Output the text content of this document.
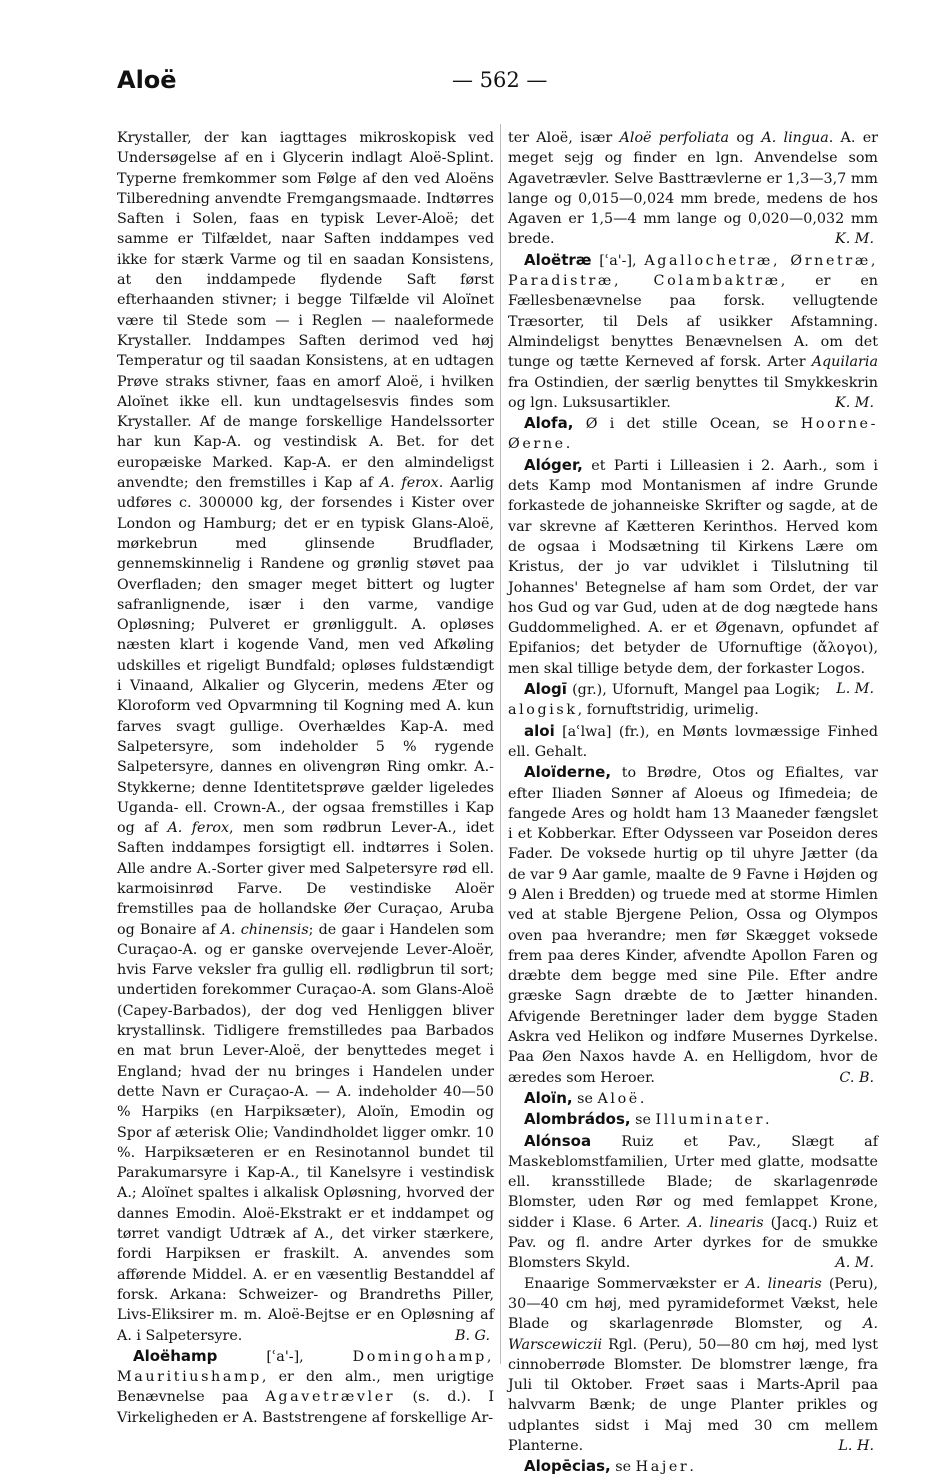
Aloë	— 562 —

Krystaller, der kan iagttages mikroskopisk ved Undersøgelse af en i Glycerin indlagt Aloë-Splint. Typerne fremkommer som Følge af den ved Aloëns Tilberedning anvendte Fremgangsmaade. Indtørres Saften i Solen, faas en typisk Lever-Aloë; det samme er Tilfældet, naar Saften inddampes ved ikke for stærk Varme og til en saadan Konsistens, at den inddampede flydende Saft først efterhaanden stivner; i begge Tilfælde vil Aloïnet være til Stede som — i Reglen — naaleformede Krystaller. Inddampes Saften derimod ved høj Temperatur og til saadan Konsistens, at en udtagen Prøve straks stivner, faas en amorf Aloë, i hvilken Aloïnet ikke ell. kun undtagelsesvis findes som Krystaller. Af de mange forskellige Handelssorter har kun Kap-A. og vestindisk A. Bet. for det europæiske Marked. Kap-A. er den almindeligst anvendte; den fremstilles i Kap af A. ferox. Aarlig udføres c. 300000 kg, der forsendes i Kister over London og Hamburg; det er en typisk Glans-Aloë, mørkebrun med glinsende Brudflader, gennemskinnelig i Randene og grønlig støvet paa Overfladen; den smager meget bittert og lugter safranlignende, især i den varme, vandige Opløsning; Pulveret er grønliggult. A. opløses næsten klart i kogende Vand, men ved Afkøling udskilles et rigeligt Bundfald; opløses fuldstændigt i Vinaand, Alkalier og Glycerin, medens Æter og Kloroform ved Opvarmning til Kogning med A. kun farves svagt gullige. Overhældes Kap-A. med Salpetersyre, som indeholder 5 % rygende Salpetersyre, dannes en olivengrøn Ring omkr. A.-Stykkerne; denne Identitetsprøve gælder ligeledes Uganda- ell. Crown-A., der ogsaa fremstilles i Kap og af A. ferox, men som rødbrun Lever-A., idet Saften inddampes forsigtigt ell. indtørres i Solen. Alle andre A.-Sorter giver med Salpetersyre rød ell. karmoisinrød Farve. De vestindiske Aloër fremstilles paa de hollandske Øer Curaçao, Aruba og Bonaire af A. chinensis; de gaar i Handelen som Curaçao-A. og er ganske overvejende Lever-Aloër, hvis Farve veksler fra gullig ell. rødligbrun til sort; undertiden forekommer Curaçao-A. som Glans-Aloë (Capey-Barbados), der dog ved Henliggen bliver krystallinsk. Tidligere fremstilledes paa Barbados en mat brun Lever-Aloë, der benyttedes meget i England; hvad der nu bringes i Handelen under dette Navn er Curaçao-A. — A. indeholder 40—50 % Harpiks (en Harpiksæter), Aloïn, Emodin og Spor af æterisk Olie; Vandindholdet ligger omkr. 10 %. Harpiksæteren er en Resinotannol bundet til Parakumarsyre i Kap-A., til Kanelsyre i vestindisk A.; Aloïnet spaltes i alkalisk Opløsning, hvorved der dannes Emodin. Aloë-Ekstrakt er et inddampet og tørret vandigt Udtræk af A., det virker stærkere, fordi Harpiksen er fraskilt. A. anvendes som afførende Middel. A. er en væsentlig Bestanddel af forsk. Arkana: Schweizer- og Brandreths Piller, Livs-Eliksirer m. m. Aloë-Bejtse er en Opløsning af A. i Salpetersyre.	B. G.

Aloëhamp [ʿa'-], Domingohamp, Mauritiushamp, er den alm., men urigtige Benævnelse paa Agavetrævler (s. d.). I Virkeligheden er A. Baststrengene af forskellige Ar-

ter Aloë, især Aloë perfoliata og A. lingua. A. er meget sejg og finder en lgn. Anvendelse som Agavetrævler. Selve Basttrævlerne er 1,3—3,7 mm lange og 0,015—0,024 mm brede, medens de hos Agaven er 1,5—4 mm lange og 0,020—0,032 mm brede.	K. M.

Aloëtræ [ʿa'-], Agallochetræ, Ørnetræ, Paradistræ, Colambaktræ, er en Fællesbenævnelse paa forsk. vellugtende Træsorter, til Dels af usikker Afstamning. Almindeligst benyttes Benævnelsen A. om det tunge og tætte Kerneved af forsk. Arter Aquilaria fra Ostindien, der særlig benyttes til Smykkeskrin og lgn. Luksusartikler.	K. M.

Alofa, Ø i det stille Ocean, se Hoorne-Øerne.

Alóger, et Parti i Lilleasien i 2. Aarh., som i dets Kamp mod Montanismen af indre Grunde forkastede de johanneiske Skrifter og sagde, at de var skrevne af Kætteren Kerinthos. Herved kom de ogsaa i Modsætning til Kirkens Lære om Kristus, der jo var udviklet i Tilslutning til Johannes' Betegnelse af ham som Ordet, der var hos Gud og var Gud, uden at de dog nægtede hans Guddommelighed. A. er et Øgenavn, opfundet af Epifanios; det betyder de Ufornuftige (ἄλογοι), men skal tillige betyde dem, der forkaster Logos.
L. M.

Alogī (gr.), Ufornuft, Mangel paa Logik; alogisk, fornuftstridig, urimelig.

aloi [aʿlwa] (fr.), en Mønts lovmæssige Finhed ell. Gehalt.

Aloïderne, to Brødre, Otos og Efialtes, var efter Iliaden Sønner af Aloeus og Ifimedeia; de fangede Ares og holdt ham 13 Maaneder fængslet i et Kobberkar. Efter Odysseen var Poseidon deres Fader. De voksede hurtig op til uhyre Jætter (da de var 9 Aar gamle, maalte de 9 Favne i Højden og 9 Alen i Bredden) og truede med at storme Himlen ved at stable Bjergene Pelion, Ossa og Olympos oven paa hverandre; men før Skægget voksede frem paa deres Kinder, afvendte Apollon Faren og dræbte dem begge med sine Pile. Efter andre græske Sagn dræbte de to Jætter hinanden. Afvigende Beretninger lader dem bygge Staden Askra ved Helikon og indføre Musernes Dyrkelse. Paa Øen Naxos havde A. en Helligdom, hvor de æredes som Heroer.	C. B.

Aloïn, se Aloë.

Alombrádos, se Illuminater.

Alónsoa Ruiz et Pav., Slægt af Maskeblomstfamilien, Urter med glatte, modsatte ell. kransstillede Blade; de skarlagenrøde Blomster, uden Rør og med femlappet Krone, sidder i Klase. 6 Arter. A. linearis (Jacq.) Ruiz et Pav. og fl. andre Arter dyrkes for de smukke Blomsters Skyld.	A. M.

Enaarige Sommervækster er A. linearis (Peru), 30—40 cm høj, med pyramideformet Vækst, hele Blade og skarlagenrøde Blomster, og A. Warscewiczii Rgl. (Peru), 50—80 cm høj, med lyst cinnoberrøde Blomster. De blomstrer længe, fra Juli til Oktober. Frøet saas i Marts-April paa halvvarm Bænk; de unge Planter prikles og udplantes sidst i Maj med 30 cm mellem Planterne.	L. H.

Alopēcias, se Hajer.
